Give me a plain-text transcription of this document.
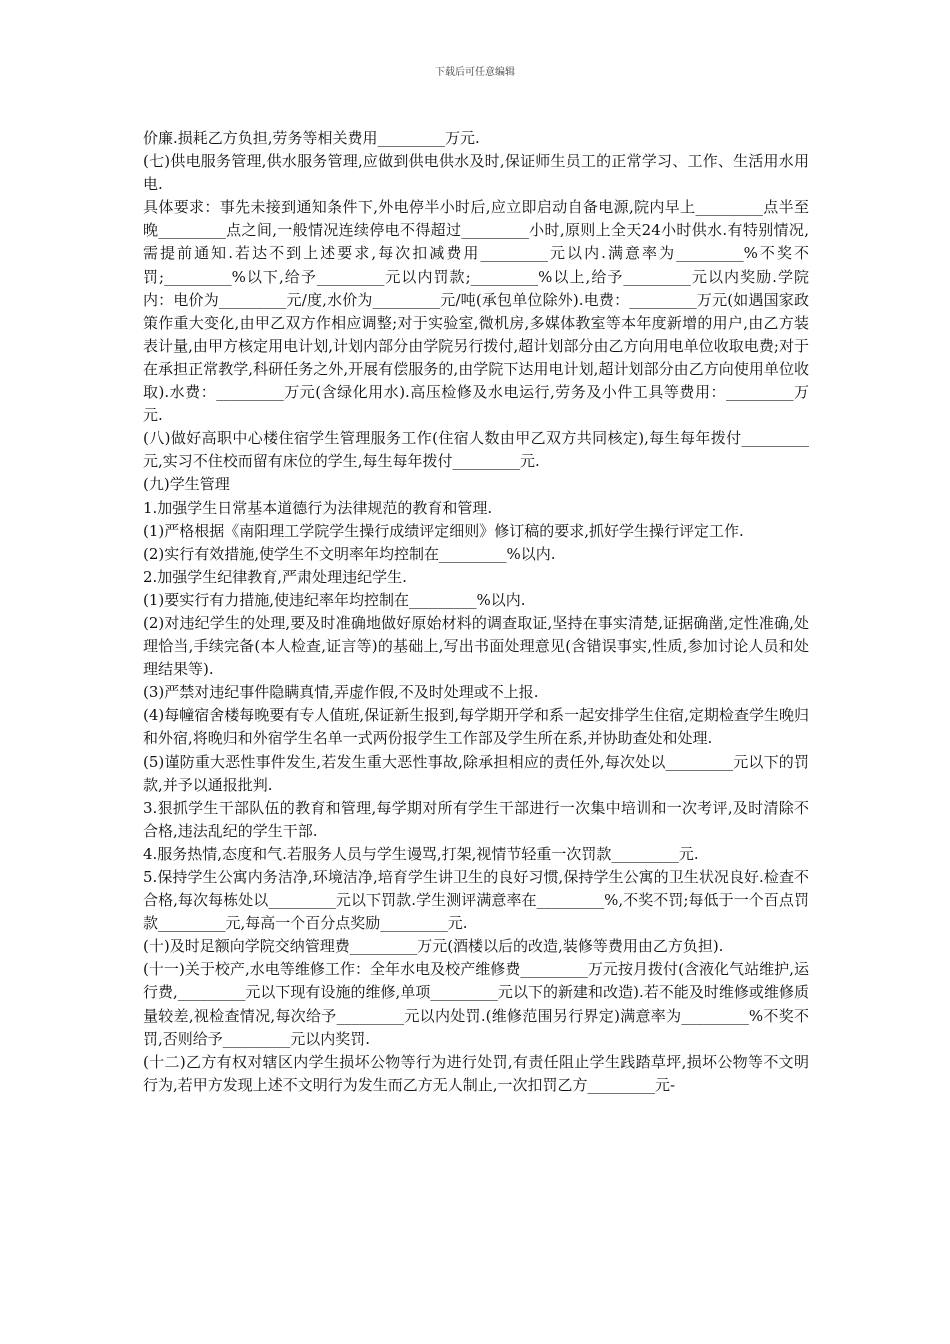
下载后可任意编辑

价廉.损耗乙方负担,劳务等相关费用_________万元.

(七)供电服务管理,供水服务管理,应做到供电供水及时,保证师生员工的正常学习、工作、生活用水用电.

具体要求：事先未接到通知条件下,外电停半小时后,应立即启动自备电源,院内早上_________点半至晚_________点之间,一般情况连续停电不得超过_________小时,原则上全天24小时供水.有特别情况,需提前通知.若达不到上述要求,每次扣减费用_________元以内.满意率为_________%不奖不罚;_________%以下,给予_________元以内罚款;_________%以上,给予_________元以内奖励.学院内：电价为_________元/度,水价为_________元/吨(承包单位除外).电费：_________万元(如遇国家政策作重大变化,由甲乙双方作相应调整;对于实验室,微机房,多媒体教室等本年度新增的用户,由乙方装表计量,由甲方核定用电计划,计划内部分由学院另行拨付,超计划部分由乙方向用电单位收取电费;对于在承担正常教学,科研任务之外,开展有偿服务的,由学院下达用电计划,超计划部分由乙方向使用单位收取).水费：_________万元(含绿化用水).高压检修及水电运行,劳务及小件工具等费用：_________万元.

(八)做好高职中心楼住宿学生管理服务工作(住宿人数由甲乙双方共同核定),每生每年拨付_________元,实习不住校而留有床位的学生,每生每年拨付_________元.

(九)学生管理

1.加强学生日常基本道德行为法律规范的教育和管理.

(1)严格根据《南阳理工学院学生操行成绩评定细则》修订稿的要求,抓好学生操行评定工作.

(2)实行有效措施,使学生不文明率年均控制在_________%以内.

2.加强学生纪律教育,严肃处理违纪学生.

(1)要实行有力措施,使违纪率年均控制在_________%以内.

(2)对违纪学生的处理,要及时准确地做好原始材料的调查取证,坚持在事实清楚,证据确凿,定性准确,处理恰当,手续完备(本人检查,证言等)的基础上,写出书面处理意见(含错误事实,性质,参加讨论人员和处理结果等).

(3)严禁对违纪事件隐瞒真情,弄虚作假,不及时处理或不上报.

(4)每幢宿舍楼每晚要有专人值班,保证新生报到,每学期开学和系一起安排学生住宿,定期检查学生晚归和外宿,将晚归和外宿学生名单一式两份报学生工作部及学生所在系,并协助查处和处理.

(5)谨防重大恶性事件发生,若发生重大恶性事故,除承担相应的责任外,每次处以_________元以下的罚款,并予以通报批判.

3.狠抓学生干部队伍的教育和管理,每学期对所有学生干部进行一次集中培训和一次考评,及时清除不合格,违法乱纪的学生干部.

4.服务热情,态度和气.若服务人员与学生谩骂,打架,视情节轻重一次罚款_________元.

5.保持学生公寓内务洁净,环境洁净,培育学生讲卫生的良好习惯,保持学生公寓的卫生状况良好.检查不合格,每次每栋处以_________元以下罚款.学生测评满意率在_________%,不奖不罚;每低于一个百点罚款_________元,每高一个百分点奖励_________元.

(十)及时足额向学院交纳管理费_________万元(酒楼以后的改造,装修等费用由乙方负担).

(十一)关于校产,水电等维修工作：全年水电及校产维修费_________万元按月拨付(含液化气站维护,运行费,_________元以下现有设施的维修,单项_________元以下的新建和改造).若不能及时维修或维修质量较差,视检查情况,每次给予_________元以内处罚.(维修范围另行界定)满意率为_________%不奖不罚,否则给予_________元以内奖罚.

(十二)乙方有权对辖区内学生损坏公物等行为进行处罚,有责任阻止学生践踏草坪,损坏公物等不文明行为,若甲方发现上述不文明行为发生而乙方无人制止,一次扣罚乙方_________元-
